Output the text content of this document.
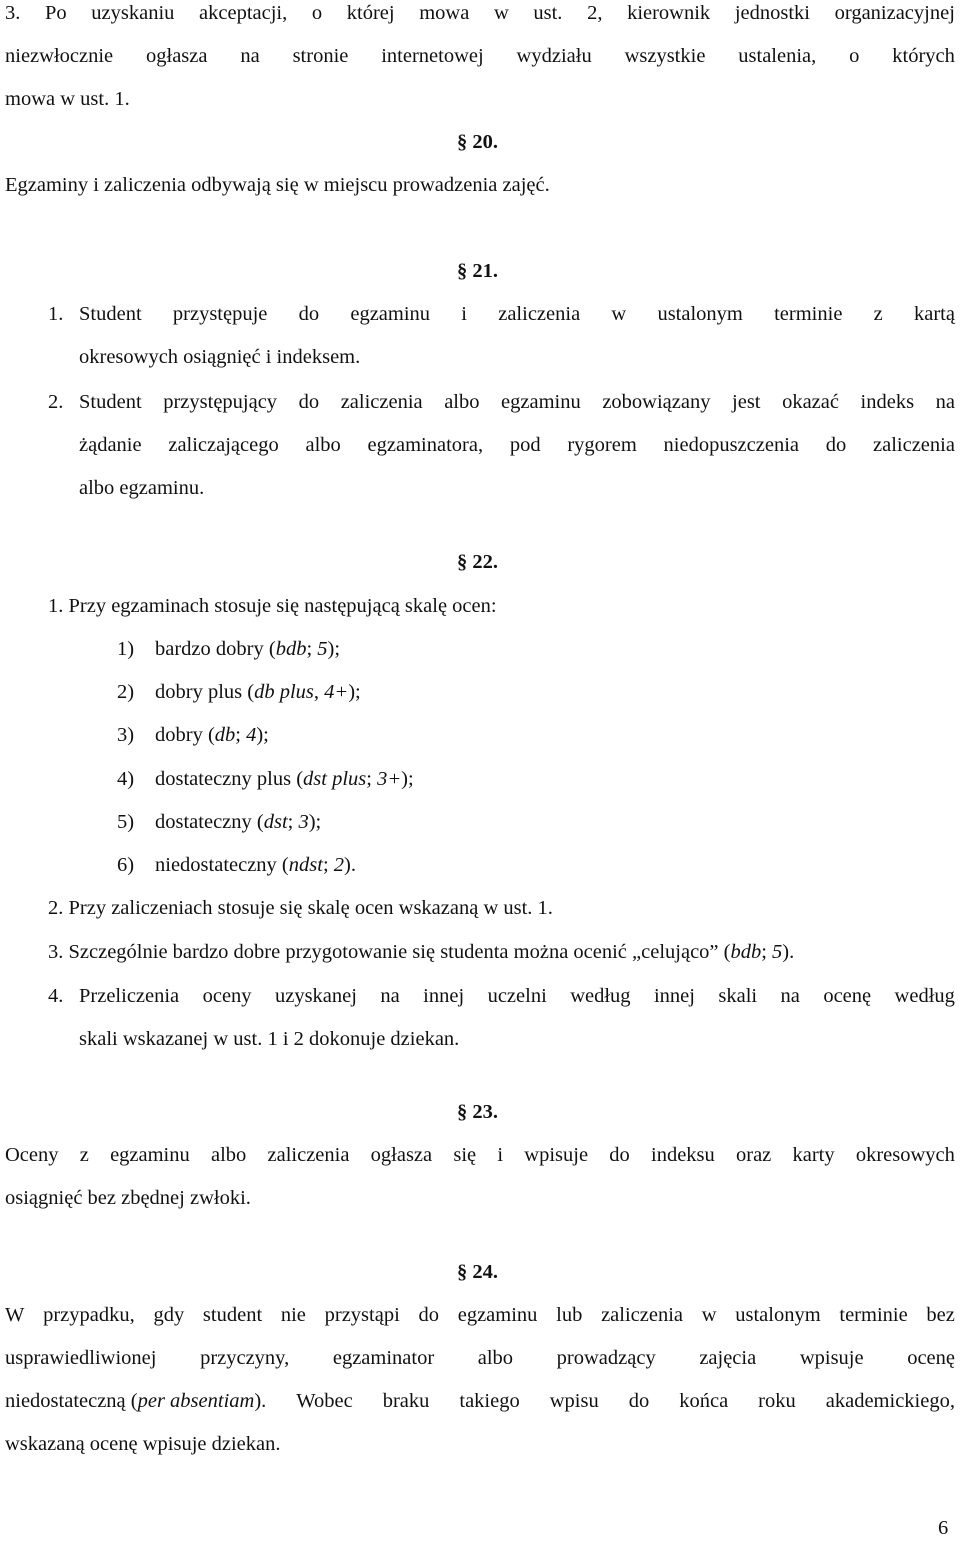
3. Po uzyskaniu akceptacji, o której mowa w ust. 2, kierownik jednostki organizacyjnej
niezwłocznie ogłasza na stronie internetowej wydziału wszystkie ustalenia, o których
mowa w ust. 1.
§ 20.
Egzaminy i zaliczenia odbywają się w miejscu prowadzenia zajęć.
§ 21.
1. Student przystępuje do egzaminu i zaliczenia w ustalonym terminie z kartą
okresowych osiągnięć i indeksem.
2. Student przystępujący do zaliczenia albo egzaminu zobowiązany jest okazać indeks na
żądanie zaliczającego albo egzaminatora, pod rygorem niedopuszczenia do zaliczenia
albo egzaminu.
§ 22.
1. Przy egzaminach stosuje się następującą skalę ocen:
1) bardzo dobry (bdb; 5);
2) dobry plus (db plus, 4+);
3) dobry (db; 4);
4) dostateczny plus (dst plus; 3+);
5) dostateczny (dst; 3);
6) niedostateczny (ndst; 2).
2. Przy zaliczeniach stosuje się skalę ocen wskazaną w ust. 1.
3. Szczególnie bardzo dobre przygotowanie się studenta można ocenić „celująco” (bdb; 5).
4. Przeliczenia oceny uzyskanej na innej uczelni według innej skali na ocenę według
skali wskazanej w ust. 1 i 2 dokonuje dziekan.
§ 23.
Oceny z egzaminu albo zaliczenia ogłasza się i wpisuje do indeksu oraz karty okresowych
osiągnięć bez zbędnej zwłoki.
§ 24.
W przypadku, gdy student nie przystąpi do egzaminu lub zaliczenia w ustalonym terminie bez
usprawiedliwionej przyczyny, egzaminator albo prowadzący zajęcia wpisuje ocenę
niedostateczną (per absentiam). Wobec braku takiego wpisu do końca roku akademickiego,
wskazaną ocenę wpisuje dziekan.
6
